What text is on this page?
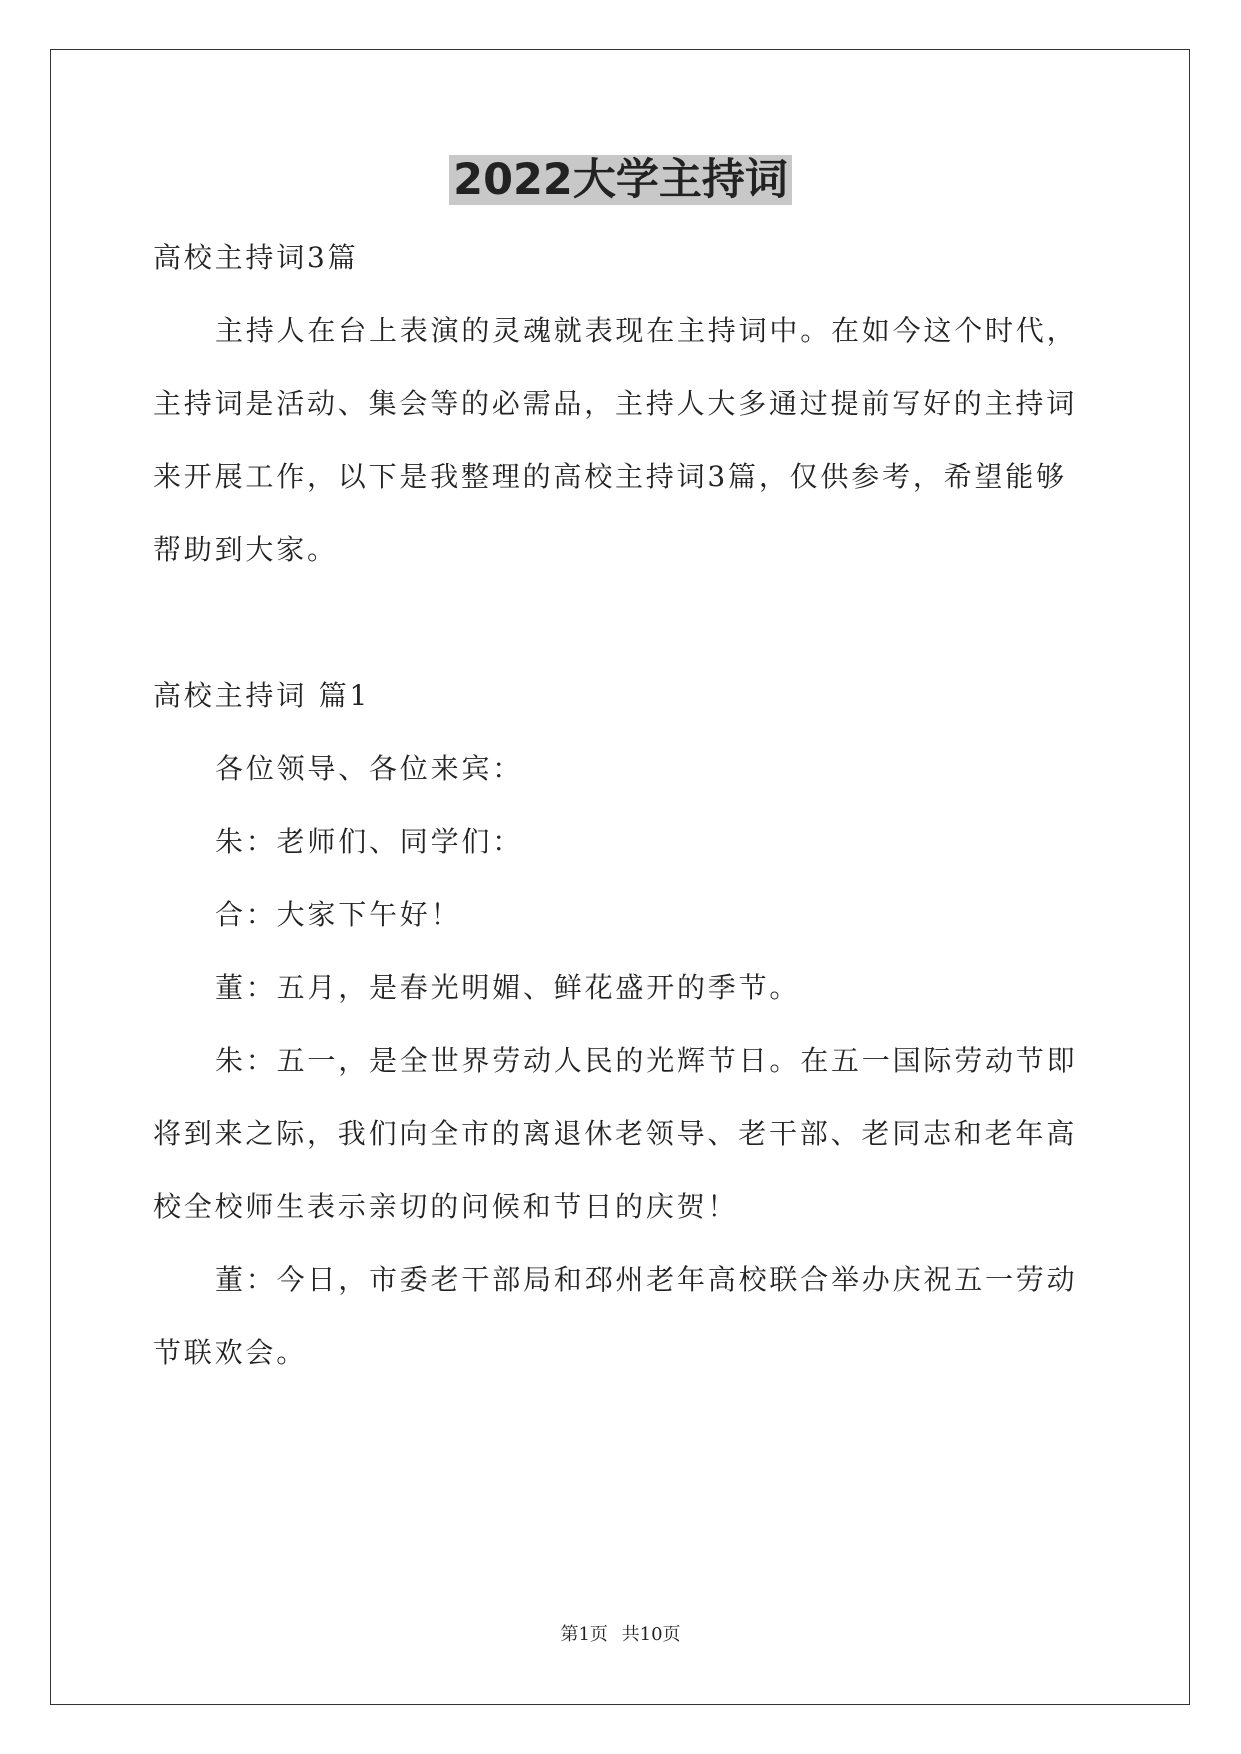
2022大学主持词
高校主持词3篇
主持人在台上表演的灵魂就表现在主持词中。在如今这个时代，
主持词是活动、集会等的必需品，主持人大多通过提前写好的主持词
来开展工作，以下是我整理的高校主持词3篇，仅供参考，希望能够
帮助到大家。
高校主持词 篇1
各位领导、各位来宾：
朱：老师们、同学们：
合：大家下午好！
董：五月，是春光明媚、鲜花盛开的季节。
朱：五一，是全世界劳动人民的光辉节日。在五一国际劳动节即
将到来之际，我们向全市的离退休老领导、老干部、老同志和老年高
校全校师生表示亲切的问候和节日的庆贺！
董：今日，市委老干部局和邳州老年高校联合举办庆祝五一劳动
节联欢会。
第1页 共10页
